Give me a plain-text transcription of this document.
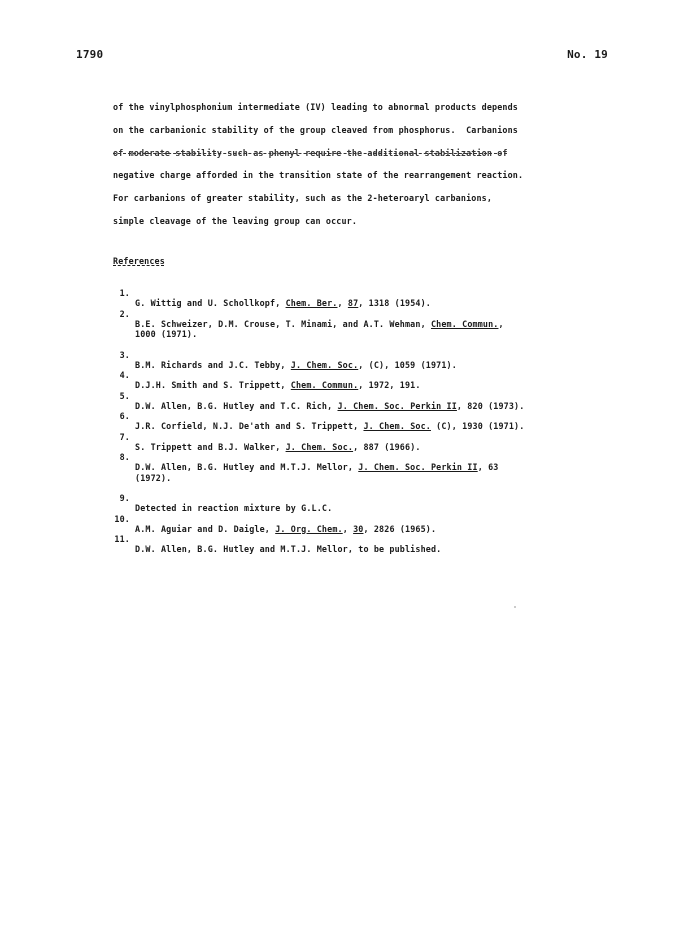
1790	No. 19
of the vinylphosphonium intermediate (IV) leading to abnormal products depends
on the carbanionic stability of the group cleaved from phosphorus.  Carbanions
of moderate stability such as phenyl require the additional stabilization of
negative charge afforded in the transition state of the rearrangement reaction.
For carbanions of greater stability, such as the 2-heteroaryl carbanions,
simple cleavage of the leaving group can occur.
References

1.

G. Wittig and U. Schollkopf, Chem. Ber., 87, 1318 (1954).

2.

B.E. Schweizer, D.M. Crouse, T. Minami, and A.T. Wehman, Chem. Commun.,

1000 (1971).

3.

B.M. Richards and J.C. Tebby, J. Chem. Soc., (C), 1059 (1971).

4.

D.J.H. Smith and S. Trippett, Chem. Commun., 1972, 191.

5.

D.W. Allen, B.G. Hutley and T.C. Rich, J. Chem. Soc. Perkin II, 820 (1973).

6.

J.R. Corfield, N.J. De'ath and S. Trippett, J. Chem. Soc. (C), 1930 (1971).

7.

S. Trippett and B.J. Walker, J. Chem. Soc., 887 (1966).

8.

D.W. Allen, B.G. Hutley and M.T.J. Mellor, J. Chem. Soc. Perkin II, 63

(1972).

9.

Detected in reaction mixture by G.L.C.

10.

A.M. Aguiar and D. Daigle, J. Org. Chem., 30, 2826 (1965).

11.

D.W. Allen, B.G. Hutley and M.T.J. Mellor, to be published.
